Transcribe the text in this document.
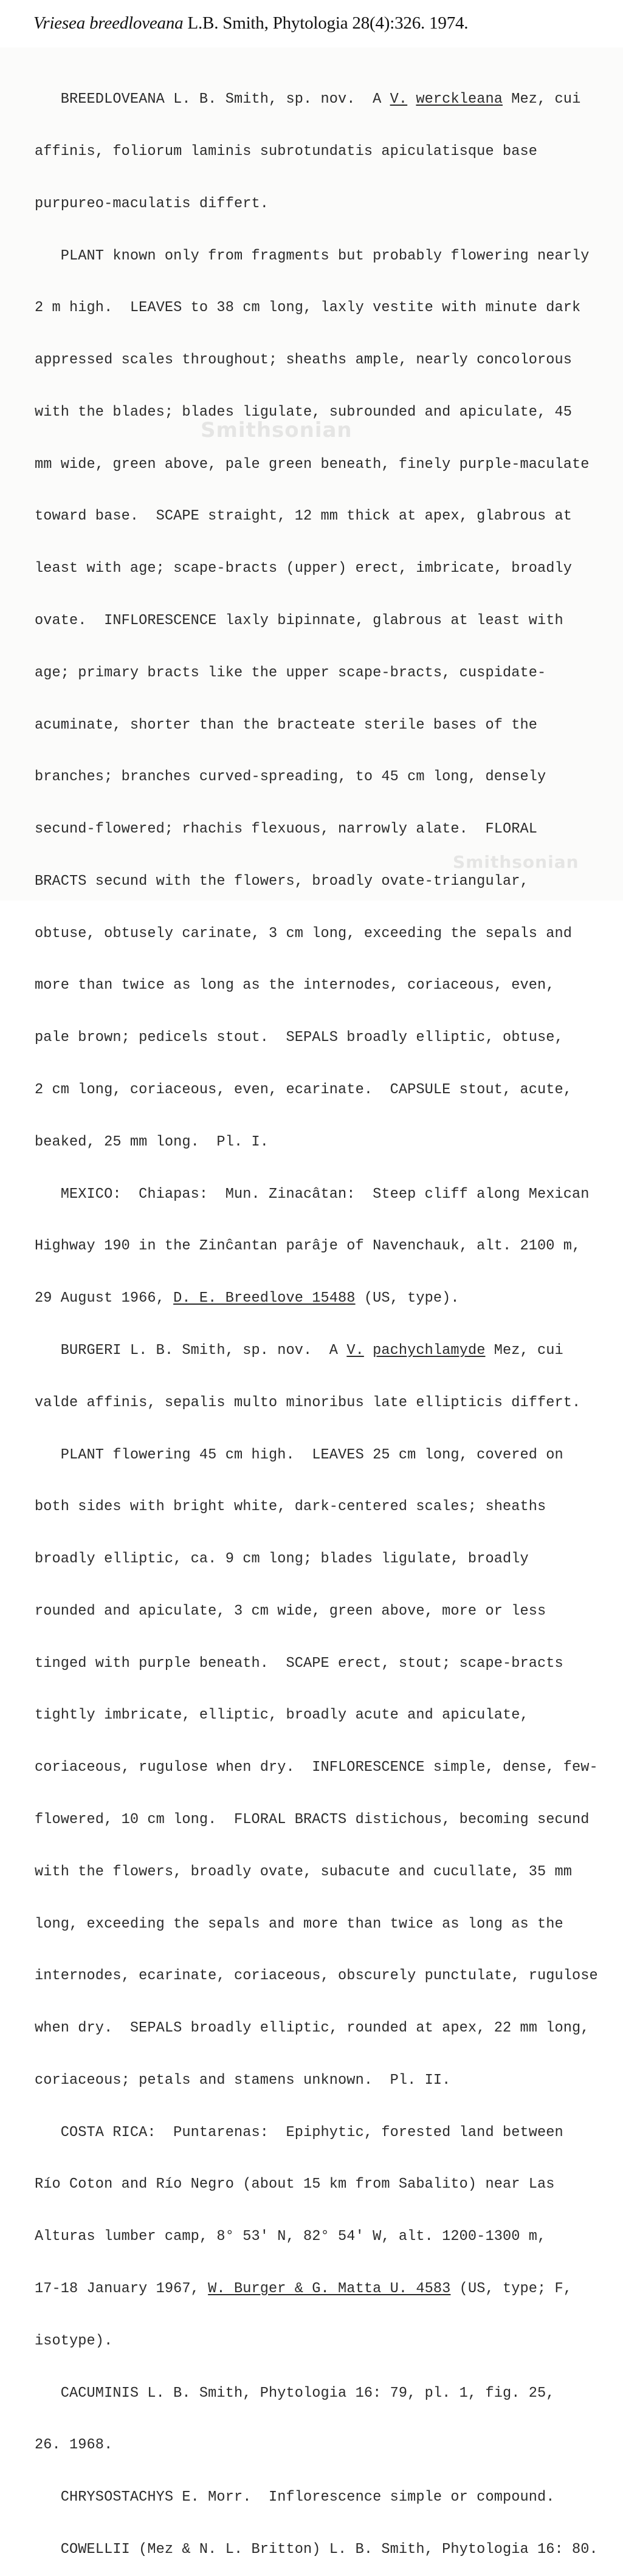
Vriesea breedloveana L.B. Smith, Phytologia 28(4):326. 1974.

BREEDLOVEANA L. B. Smith, sp. nov.  A V. werckleana Mez, cui

affinis, foliorum laminis subrotundatis apiculatisque base

purpureo-maculatis differt.

PLANT known only from fragments but probably flowering nearly

2 m high.  LEAVES to 38 cm long, laxly vestite with minute dark

appressed scales throughout; sheaths ample, nearly concolorous

with the blades; blades ligulate, subrounded and apiculate, 45

mm wide, green above, pale green beneath, finely purple-maculate

toward base.  SCAPE straight, 12 mm thick at apex, glabrous at

least with age; scape-bracts (upper) erect, imbricate, broadly

ovate.  INFLORESCENCE laxly bipinnate, glabrous at least with

age; primary bracts like the upper scape-bracts, cuspidate-

acuminate, shorter than the bracteate sterile bases of the

branches; branches curved-spreading, to 45 cm long, densely

secund-flowered; rhachis flexuous, narrowly alate.  FLORAL

BRACTS secund with the flowers, broadly ovate-triangular,

obtuse, obtusely carinate, 3 cm long, exceeding the sepals and

more than twice as long as the internodes, coriaceous, even,

pale brown; pedicels stout.  SEPALS broadly elliptic, obtuse,

2 cm long, coriaceous, even, ecarinate.  CAPSULE stout, acute,

beaked, 25 mm long.  Pl. I.

MEXICO:  Chiapas:  Mun. Zinacâtan:  Steep cliff along Mexican

Highway 190 in the Zinĉantan parâje of Navenchauk, alt. 2100 m,

29 August 1966, D. E. Breedlove 15488 (US, type).

BURGERI L. B. Smith, sp. nov.  A V. pachychlamyde Mez, cui

valde affinis, sepalis multo minoribus late ellipticis differt.

PLANT flowering 45 cm high.  LEAVES 25 cm long, covered on

both sides with bright white, dark-centered scales; sheaths

broadly elliptic, ca. 9 cm long; blades ligulate, broadly

rounded and apiculate, 3 cm wide, green above, more or less

tinged with purple beneath.  SCAPE erect, stout; scape-bracts

tightly imbricate, elliptic, broadly acute and apiculate,

coriaceous, rugulose when dry.  INFLORESCENCE simple, dense, few-

flowered, 10 cm long.  FLORAL BRACTS distichous, becoming secund

with the flowers, broadly ovate, subacute and cucullate, 35 mm

long, exceeding the sepals and more than twice as long as the

internodes, ecarinate, coriaceous, obscurely punctulate, rugulose

when dry.  SEPALS broadly elliptic, rounded at apex, 22 mm long,

coriaceous; petals and stamens unknown.  Pl. II.

COSTA RICA:  Puntarenas:  Epiphytic, forested land between

Río Coton and Río Negro (about 15 km from Sabalito) near Las

Alturas lumber camp, 8° 53' N, 82° 54' W, alt. 1200-1300 m,

17-18 January 1967, W. Burger & G. Matta U. 4583 (US, type; F,

isotype).

CACUMINIS L. B. Smith, Phytologia 16: 79, pl. 1, fig. 25,

26. 1968.

CHRYSOSTACHYS E. Morr.  Inflorescence simple or compound.

COWELLII (Mez & N. L. Britton) L. B. Smith, Phytologia 16: 80.

Smithsonian
Smithsonian
